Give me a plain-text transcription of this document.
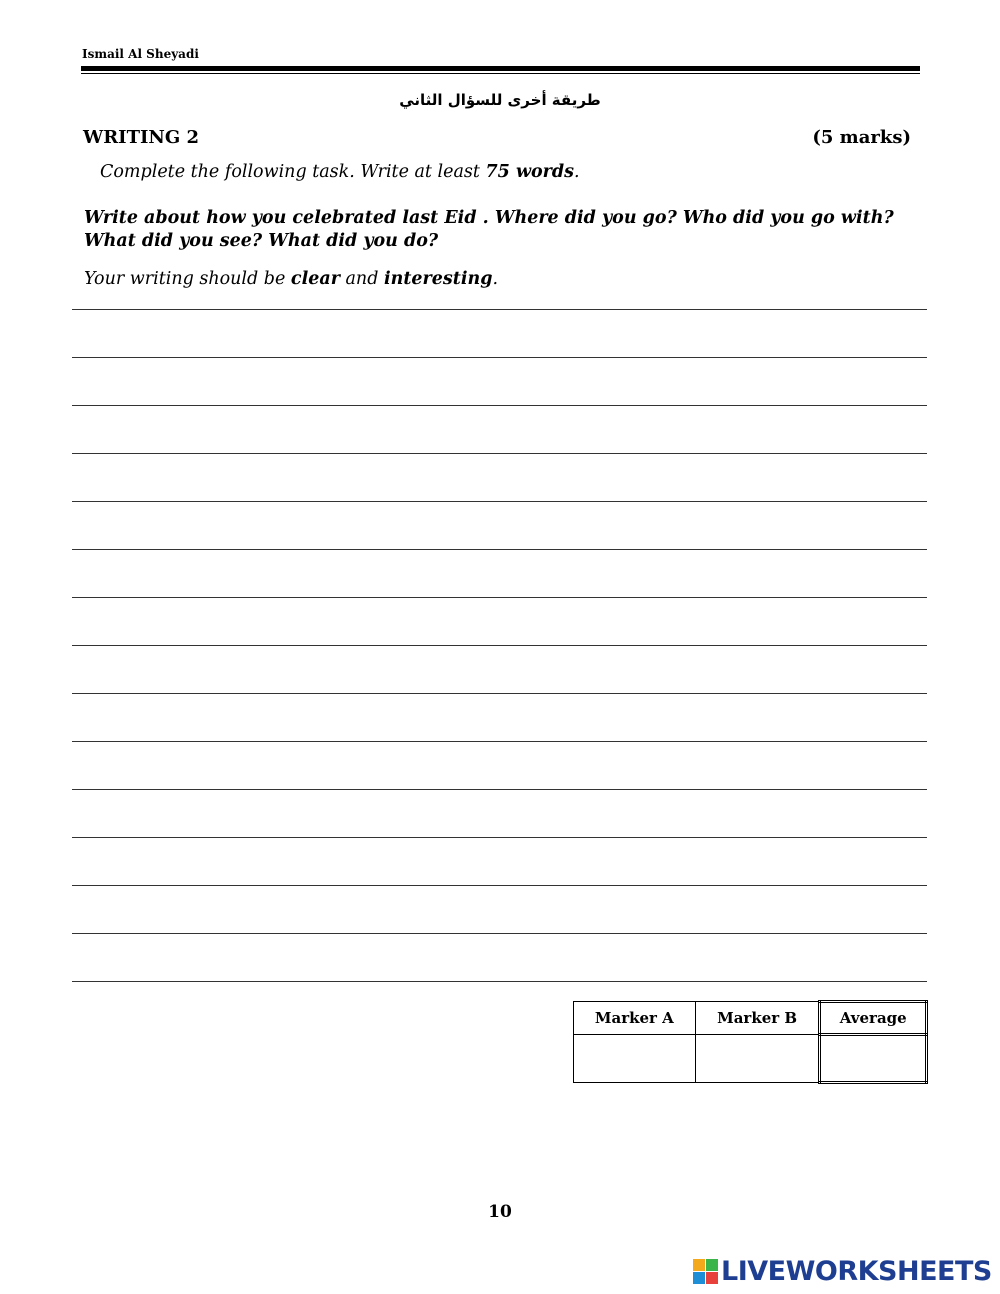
Ismail Al Sheyadi
طريقة أخرى للسؤال الثاني
WRITING 2	(5 marks)
Complete the following task. Write at least 75 words.
Write about how you celebrated last Eid . Where did you go? Who did you go with? What did you see? What did you do?
Your writing should be clear and interesting.
Marker A	Marker B	Average

10
LIVEWORKSHEETS
